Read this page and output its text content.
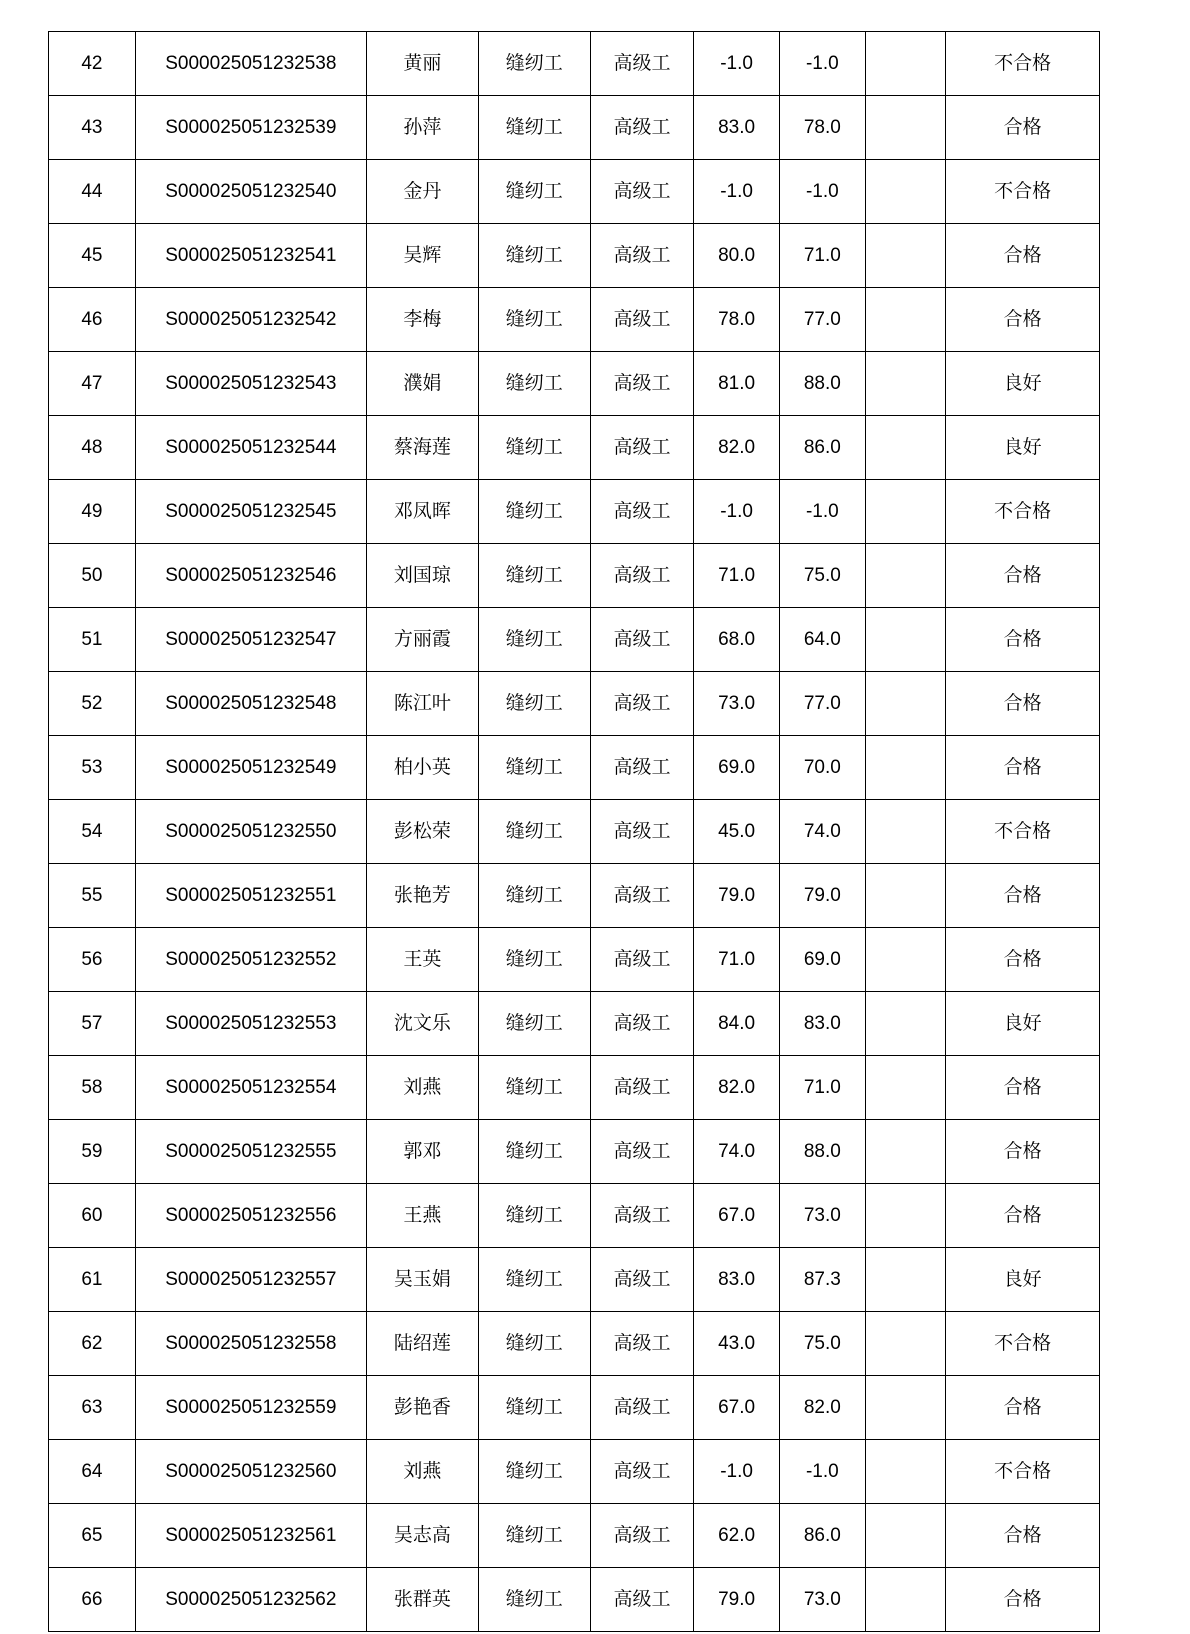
42	S000025051232538	黄丽	缝纫工	高级工	-1.0	-1.0		不合格
43	S000025051232539	孙萍	缝纫工	高级工	83.0	78.0		合格
44	S000025051232540	金丹	缝纫工	高级工	-1.0	-1.0		不合格
45	S000025051232541	吴辉	缝纫工	高级工	80.0	71.0		合格
46	S000025051232542	李梅	缝纫工	高级工	78.0	77.0		合格
47	S000025051232543	濮娟	缝纫工	高级工	81.0	88.0		良好
48	S000025051232544	蔡海莲	缝纫工	高级工	82.0	86.0		良好
49	S000025051232545	邓凤晖	缝纫工	高级工	-1.0	-1.0		不合格
50	S000025051232546	刘国琼	缝纫工	高级工	71.0	75.0		合格
51	S000025051232547	方丽霞	缝纫工	高级工	68.0	64.0		合格
52	S000025051232548	陈江叶	缝纫工	高级工	73.0	77.0		合格
53	S000025051232549	柏小英	缝纫工	高级工	69.0	70.0		合格
54	S000025051232550	彭松荣	缝纫工	高级工	45.0	74.0		不合格
55	S000025051232551	张艳芳	缝纫工	高级工	79.0	79.0		合格
56	S000025051232552	王英	缝纫工	高级工	71.0	69.0		合格
57	S000025051232553	沈文乐	缝纫工	高级工	84.0	83.0		良好
58	S000025051232554	刘燕	缝纫工	高级工	82.0	71.0		合格
59	S000025051232555	郭邓	缝纫工	高级工	74.0	88.0		合格
60	S000025051232556	王燕	缝纫工	高级工	67.0	73.0		合格
61	S000025051232557	吴玉娟	缝纫工	高级工	83.0	87.3		良好
62	S000025051232558	陆绍莲	缝纫工	高级工	43.0	75.0		不合格
63	S000025051232559	彭艳香	缝纫工	高级工	67.0	82.0		合格
64	S000025051232560	刘燕	缝纫工	高级工	-1.0	-1.0		不合格
65	S000025051232561	吴志高	缝纫工	高级工	62.0	86.0		合格
66	S000025051232562	张群英	缝纫工	高级工	79.0	73.0		合格
